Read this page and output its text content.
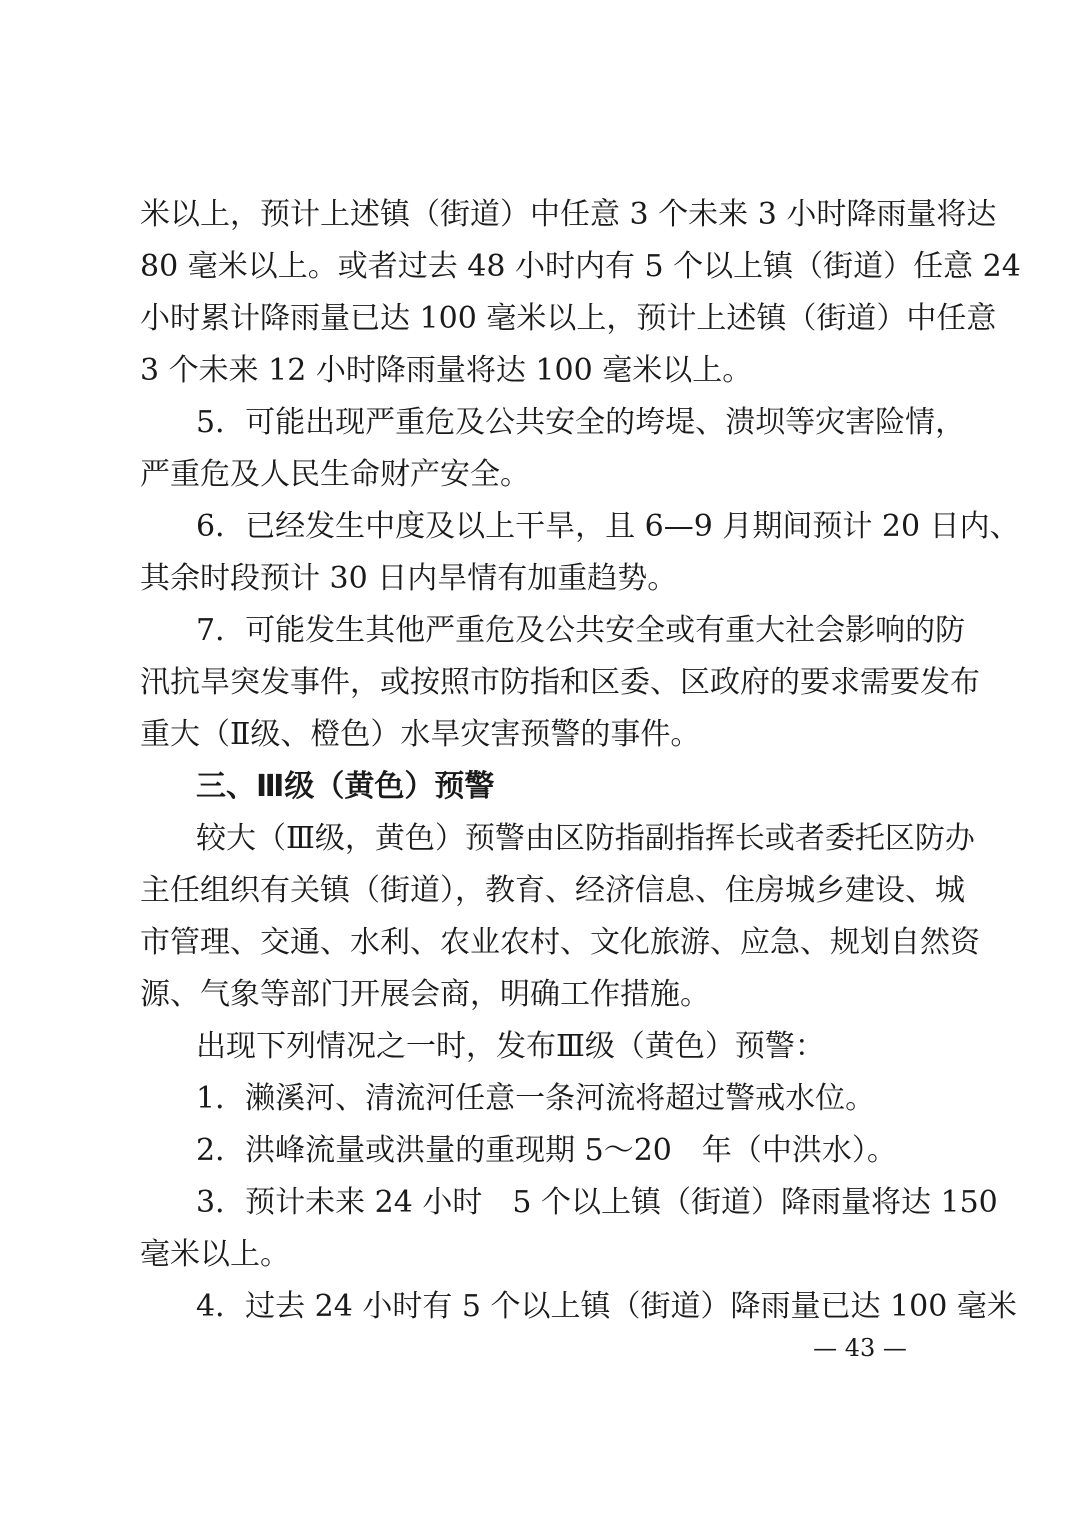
米以上，预计上述镇（街道）中任意 3 个未来 3 小时降雨量将达
80 毫米以上。或者过去 48 小时内有 5 个以上镇（街道）任意 24
小时累计降雨量已达 100 毫米以上，预计上述镇（街道）中任意
3 个未来 12 小时降雨量将达 100 毫米以上。
5．可能出现严重危及公共安全的垮堤、溃坝等灾害险情，
严重危及人民生命财产安全。
6．已经发生中度及以上干旱，且 6—9 月期间预计 20 日内、
其余时段预计 30 日内旱情有加重趋势。
7．可能发生其他严重危及公共安全或有重大社会影响的防
汛抗旱突发事件，或按照市防指和区委、区政府的要求需要发布
重大（Ⅱ级、橙色）水旱灾害预警的事件。
三、Ⅲ级（黄色）预警
较大（Ⅲ级，黄色）预警由区防指副指挥长或者委托区防办
主任组织有关镇（街道），教育、经济信息、住房城乡建设、城
市管理、交通、水利、农业农村、文化旅游、应急、规划自然资
源、气象等部门开展会商，明确工作措施。
出现下列情况之一时，发布Ⅲ级（黄色）预警：
1．濑溪河、清流河任意一条河流将超过警戒水位。
2．洪峰流量或洪量的重现期 5～20　年（中洪水）。
3．预计未来 24 小时　5 个以上镇（街道）降雨量将达 150
毫米以上。
4．过去 24 小时有 5 个以上镇（街道）降雨量已达 100 毫米
— 43 —
